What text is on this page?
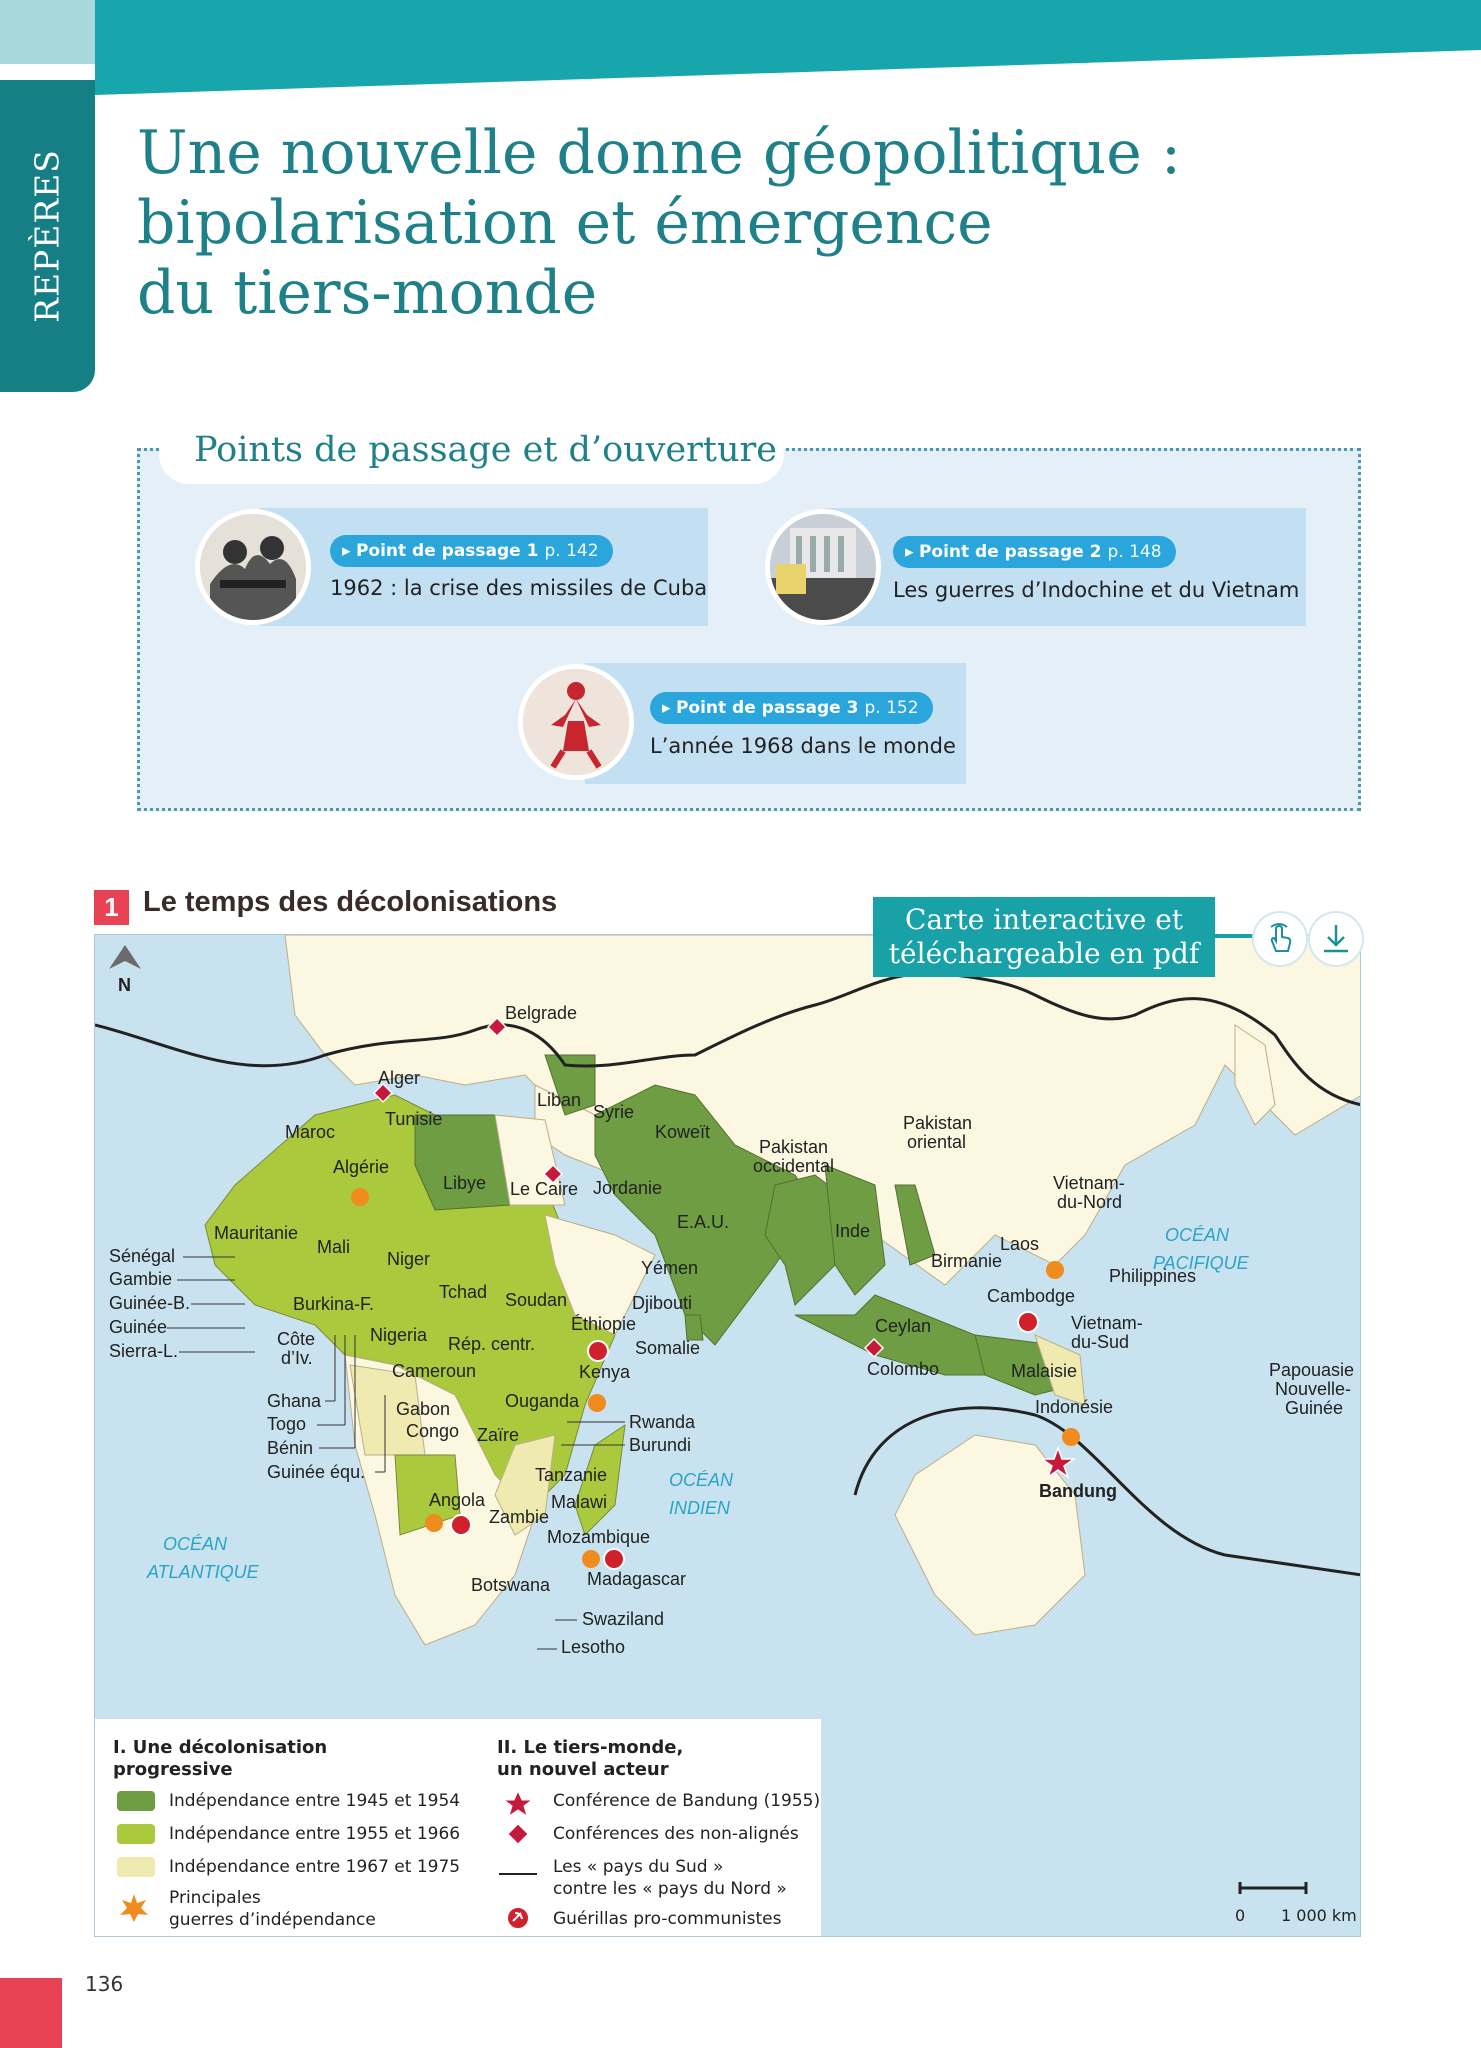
REPÈRES Une nouvelle donne géopolitique :
bipolarisation et émergence
du tiers-monde
Points de passage et d’ouverture
▸ Point de passage 1 p. 142
1962 : la crise des missiles de Cuba
▸ Point de passage 2 p. 148
Les guerres d’Indochine et du Vietnam
▸ Point de passage 3 p. 152
L’année 1968 dans le monde
1 Le temps des décolonisations
N
OCÉAN
ATLANTIQUE
OCÉAN
INDIEN
OCÉAN
PACIFIQUE
Belgrade
Alger
Le Caire
Colombo
Bandung
Tunisie
Maroc
Algérie
Libye
Liban
Syrie
Koweït
Jordanie
E.A.U.
Pakistan
occidental
Pakistan
oriental
Inde
Birmanie
Laos
Vietnam-
du-Nord
Cambodge
Philippines
Vietnam-
du-Sud
Malaisie
Indonésie
Papouasie
Nouvelle-
Guinée
Ceylan
Mauritanie
Mali
Niger
Tchad Soudan
Yémen
Djibouti
Éthiopie
Somalie
Kenya
Ouganda
Rwanda
Burundi
Tanzanie
Zaïre
Gabon
Congo
Cameroun
Nigeria Rép. centr.
Burkina-F.
Côte
d’Iv.
Sénégal
Gambie
Guinée-B.
Guinée
Sierra-L.
Ghana
Togo
Bénin
Guinée équ.
Angola
Zambie
Malawi
Mozambique
Madagascar
Botswana
Swaziland
Lesotho
I. Une décolonisation
progressive
Indépendance entre 1945 et 1954
Indépendance entre 1955 et 1966
Indépendance entre 1967 et 1975
Principales
guerres d’indépendance
II. Le tiers-monde,
un nouvel acteur
Conférence de Bandung (1955)
Conférences des non-alignés
Les « pays du Sud »
contre les « pays du Nord »
Guérillas pro-communistes
Carte interactive et
téléchargeable en pdf
0 1 000 km
136
